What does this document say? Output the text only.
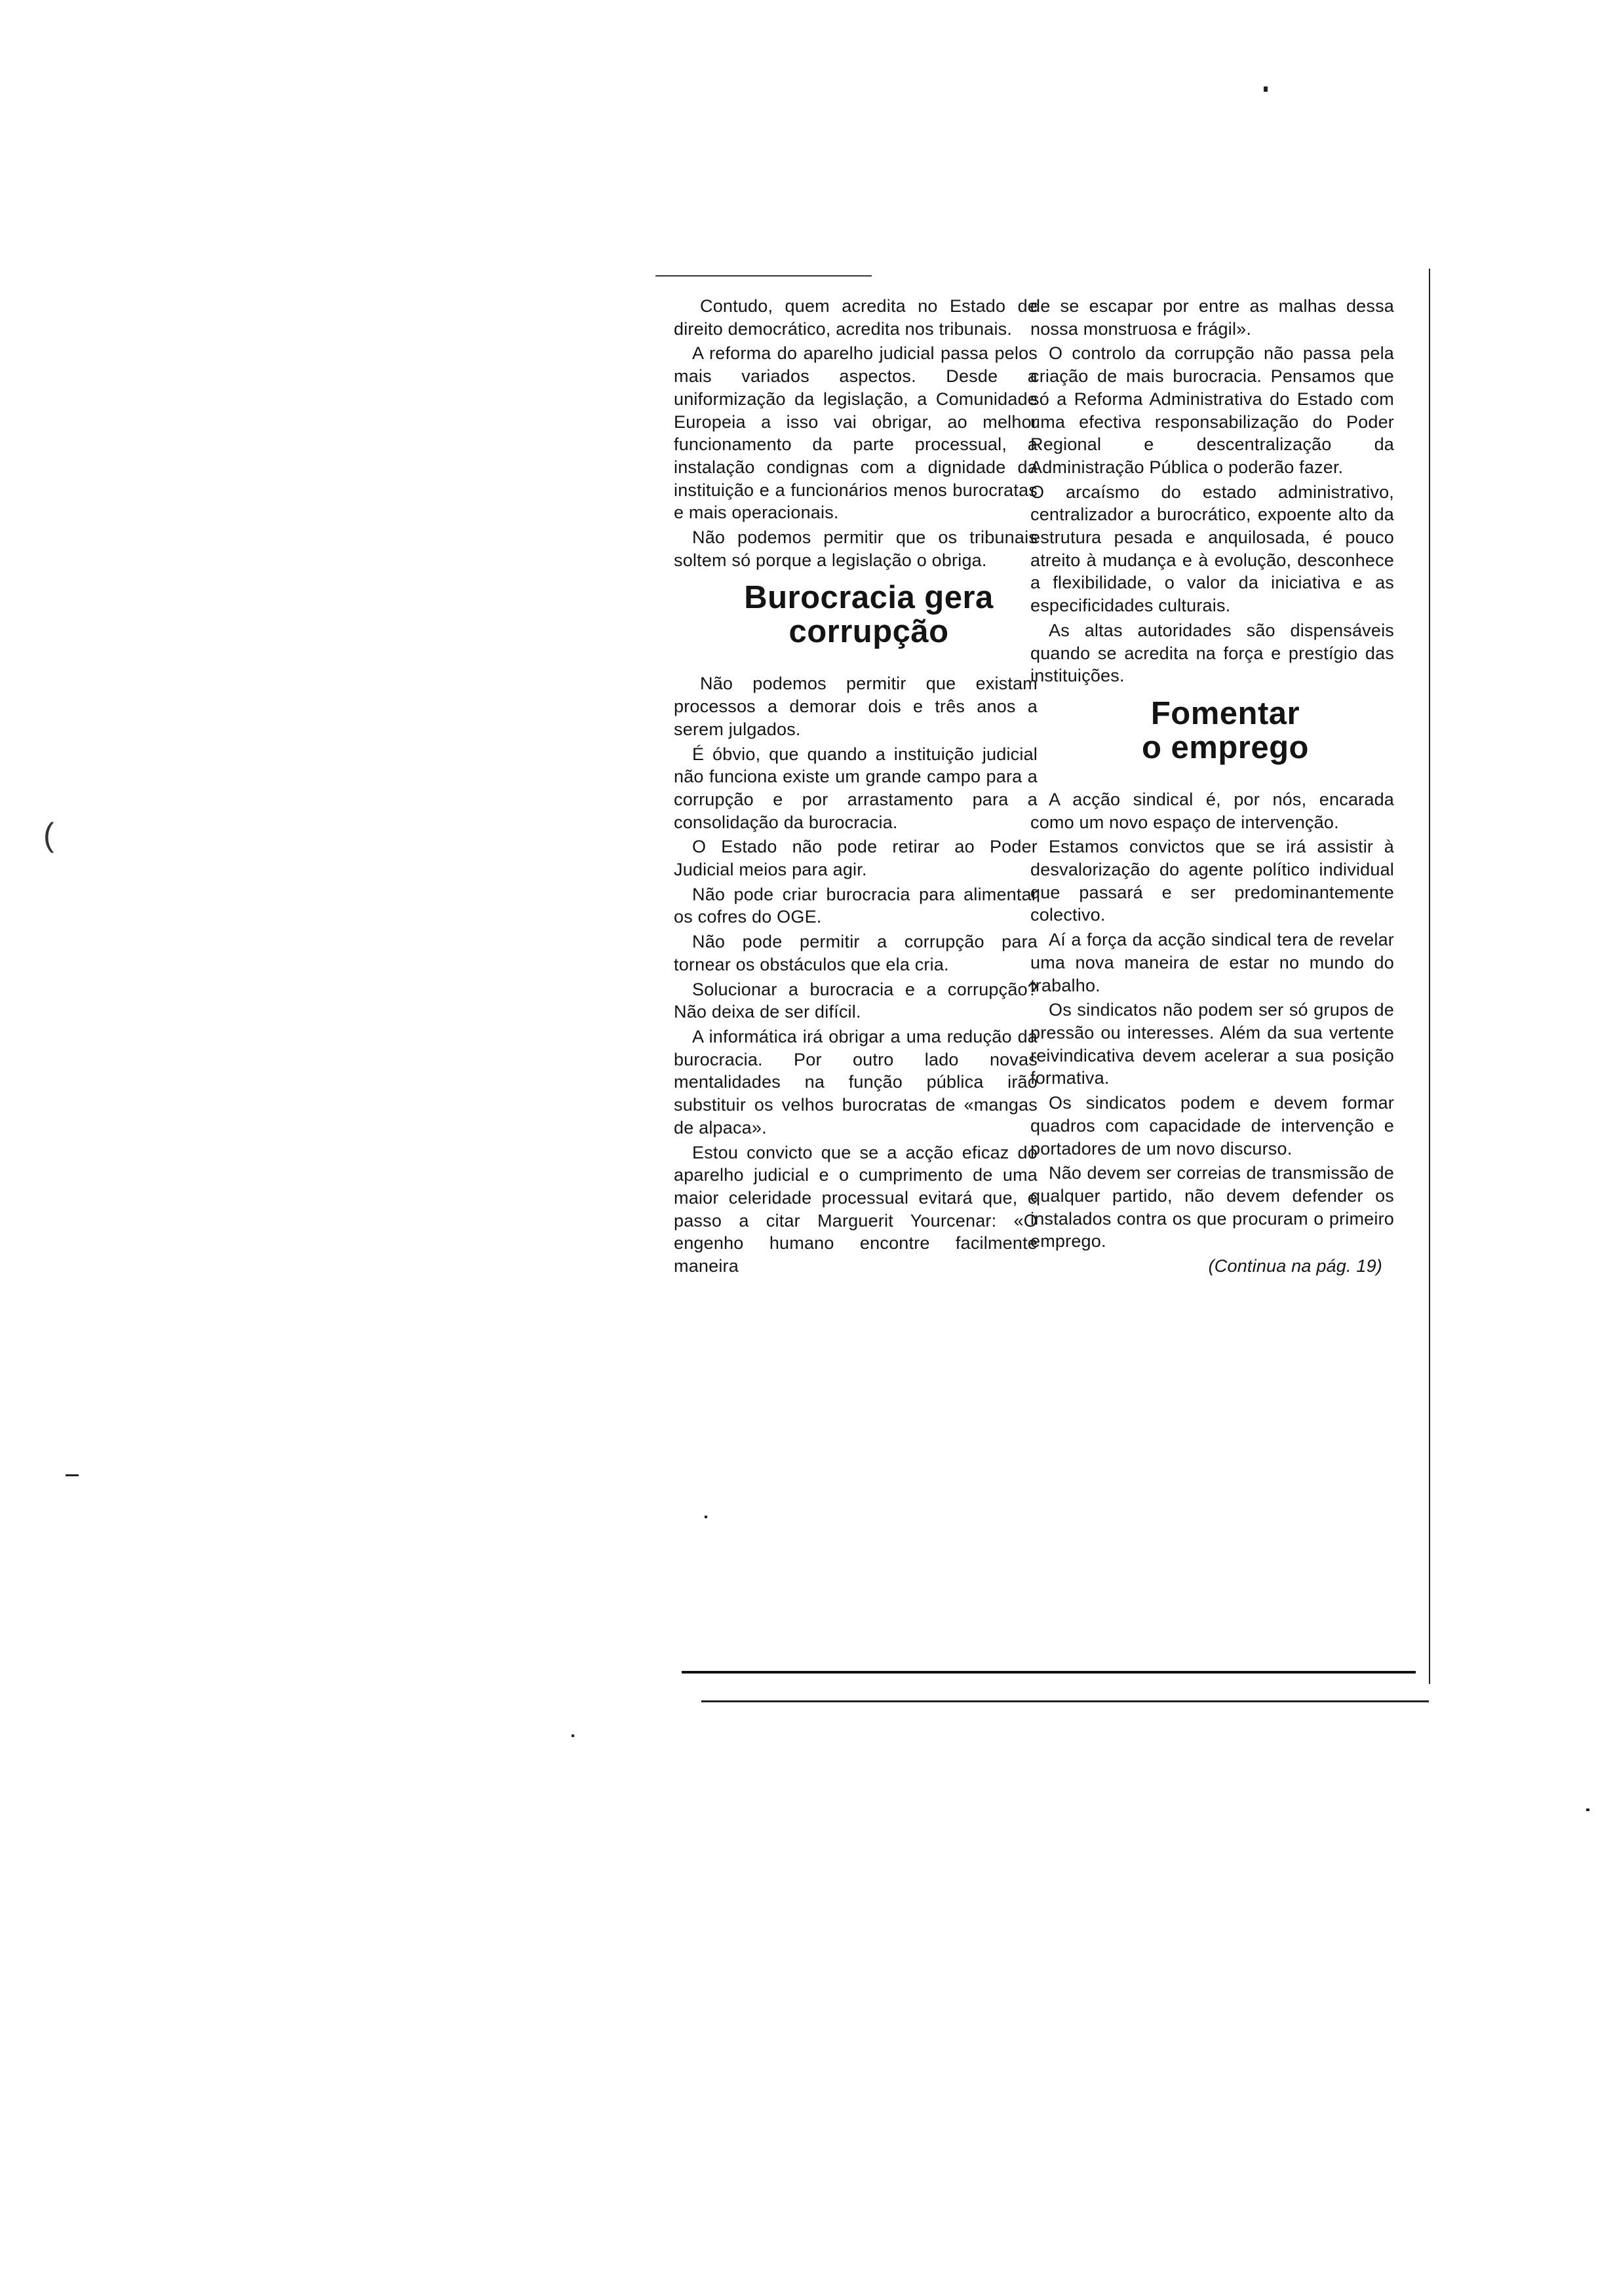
Contudo, quem acredita no Estado de direito democrático, acredita nos tribunais.

A reforma do aparelho judicial passa pelos mais variados aspectos. Desde a uniformização da legislação, a Comunidade Europeia a isso vai obrigar, ao melhor funcionamento da parte processual, a instalação condignas com a dignidade da instituição e a funcionários menos burocratas e mais operacionais.

Não podemos permitir que os tribunais soltem só porque a legislação o obriga.

Burocracia gera
corrupção

Não podemos permitir que existam processos a demorar dois e três anos a serem julgados.

É óbvio, que quando a instituição judicial não funciona existe um grande campo para a corrupção e por arrastamento para a consolidação da burocracia.

O Estado não pode retirar ao Poder Judicial meios para agir.

Não pode criar burocracia para alimentar os cofres do OGE.

Não pode permitir a corrupção para tornear os obstáculos que ela cria.

Solucionar a burocracia e a corrupção? Não deixa de ser difícil.

A informática irá obrigar a uma redução da burocracia. Por outro lado novas mentalidades na função pública irão substituir os velhos burocratas de «mangas de alpaca».

Estou convicto que se a acção eficaz do aparelho judicial e o cumprimento de uma maior celeridade processual evitará que, e passo a citar Marguerit Yourcenar: «O engenho humano encontre facilmente maneira

de se escapar por entre as malhas dessa nossa monstruosa e frágil».

O controlo da corrupção não passa pela criação de mais burocracia. Pensamos que só a Reforma Administrativa do Estado com uma efectiva responsabilização do Poder Regional e descentralização da Administração Pública o poderão fazer.

O arcaísmo do estado administrativo, centralizador a burocrático, expoente alto da estrutura pesada e anquilosada, é pouco atreito à mudança e à evolução, desconhece a flexibilidade, o valor da iniciativa e as especificidades culturais.

As altas autoridades são dispensáveis quando se acredita na força e prestígio das instituições.

Fomentar
o emprego

A acção sindical é, por nós, encarada como um novo espaço de intervenção.

Estamos convictos que se irá assistir à desvalorização do agente político individual que passará e ser predominantemente colectivo.

Aí a força da acção sindical tera de revelar uma nova maneira de estar no mundo do trabalho.

Os sindicatos não podem ser só grupos de pressão ou interesses. Além da sua vertente reivindicativa devem acelerar a sua posição formativa.

Os sindicatos podem e devem formar quadros com capacidade de intervenção e portadores de um novo discurso.

Não devem ser correias de transmissão de qualquer partido, não devem defender os instalados contra os que procuram o primeiro emprego.

(Continua na pág. 19)

(
